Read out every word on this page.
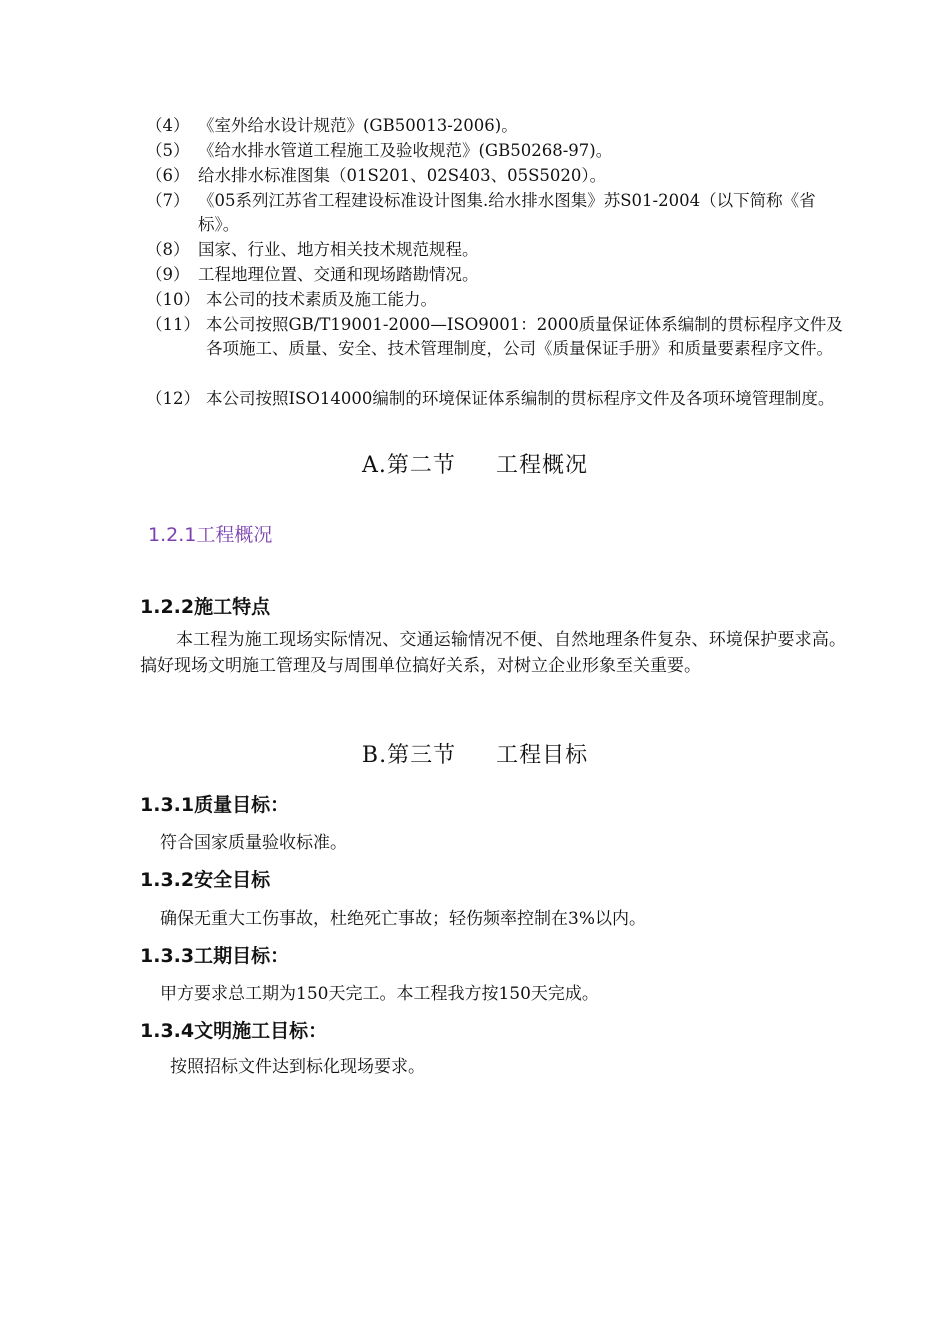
（4） 《室外给水设计规范》(GB50013-2006)。
（5） 《给水排水管道工程施工及验收规范》(GB50268-97)。
（6） 给水排水标准图集（01S201、02S403、05S5020）。
（7） 《05系列江苏省工程建设标准设计图集.给水排水图集》苏S01-2004（以下简称《省标》。
（8） 国家、行业、地方相关技术规范规程。
（9） 工程地理位置、交通和现场踏勘情况。
（10） 本公司的技术素质及施工能力。
（11） 本公司按照GB/T19001-2000—ISO9001：2000质量保证体系编制的贯标程序文件及各项施工、质量、安全、技术管理制度，公司《质量保证手册》和质量要素程序文件。
（12） 本公司按照ISO14000编制的环境保证体系编制的贯标程序文件及各项环境管理制度。
A.第二节 工程概况
1.2.1工程概况
1.2.2施工特点
本工程为施工现场实际情况、交通运输情况不便、自然地理条件复杂、环境保护要求高。搞好现场文明施工管理及与周围单位搞好关系，对树立企业形象至关重要。
B.第三节 工程目标
1.3.1质量目标：
符合国家质量验收标准。
1.3.2安全目标
确保无重大工伤事故，杜绝死亡事故；轻伤频率控制在3%以内。
1.3.3工期目标：
甲方要求总工期为150天完工。本工程我方按150天完成。
1.3.4文明施工目标：
按照招标文件达到标化现场要求。
